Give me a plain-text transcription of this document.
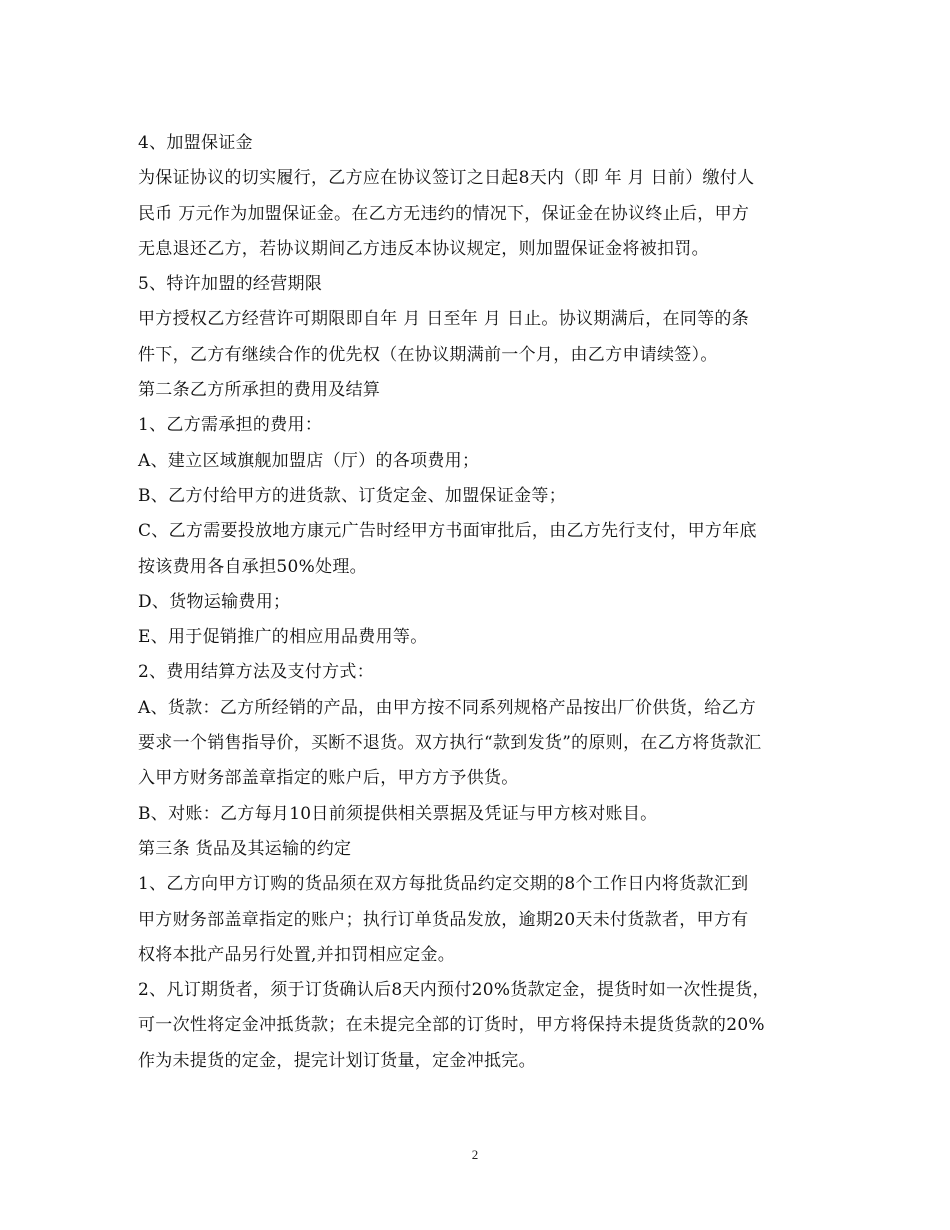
4、加盟保证金
为保证协议的切实履行，乙方应在协议签订之日起8天内（即 年 月 日前）缴付人
民币 万元作为加盟保证金。在乙方无违约的情况下，保证金在协议终止后，甲方
无息退还乙方，若协议期间乙方违反本协议规定，则加盟保证金将被扣罚。
5、特许加盟的经营期限
甲方授权乙方经营许可期限即自年 月 日至年 月 日止。协议期满后，在同等的条
件下，乙方有继续合作的优先权（在协议期满前一个月，由乙方申请续签）。
第二条乙方所承担的费用及结算
1、乙方需承担的费用：
A、建立区域旗舰加盟店（厅）的各项费用；
B、乙方付给甲方的进货款、订货定金、加盟保证金等；
C、乙方需要投放地方康元广告时经甲方书面审批后，由乙方先行支付，甲方年底
按该费用各自承担50%处理。
D、货物运输费用；
E、用于促销推广的相应用品费用等。
2、费用结算方法及支付方式：
A、货款：乙方所经销的产品，由甲方按不同系列规格产品按出厂价供货，给乙方
要求一个销售指导价，买断不退货。双方执行“款到发货”的原则，在乙方将货款汇
入甲方财务部盖章指定的账户后，甲方方予供货。
B、对账：乙方每月10日前须提供相关票据及凭证与甲方核对账目。
第三条 货品及其运输的约定
1、乙方向甲方订购的货品须在双方每批货品约定交期的8个工作日内将货款汇到
甲方财务部盖章指定的账户；执行订单货品发放，逾期20天未付货款者，甲方有
权将本批产品另行处置,并扣罚相应定金。
2、凡订期货者，须于订货确认后8天内预付20%货款定金，提货时如一次性提货，
可一次性将定金冲抵货款；在未提完全部的订货时，甲方将保持未提货货款的20%
作为未提货的定金，提完计划订货量，定金冲抵完。
2
